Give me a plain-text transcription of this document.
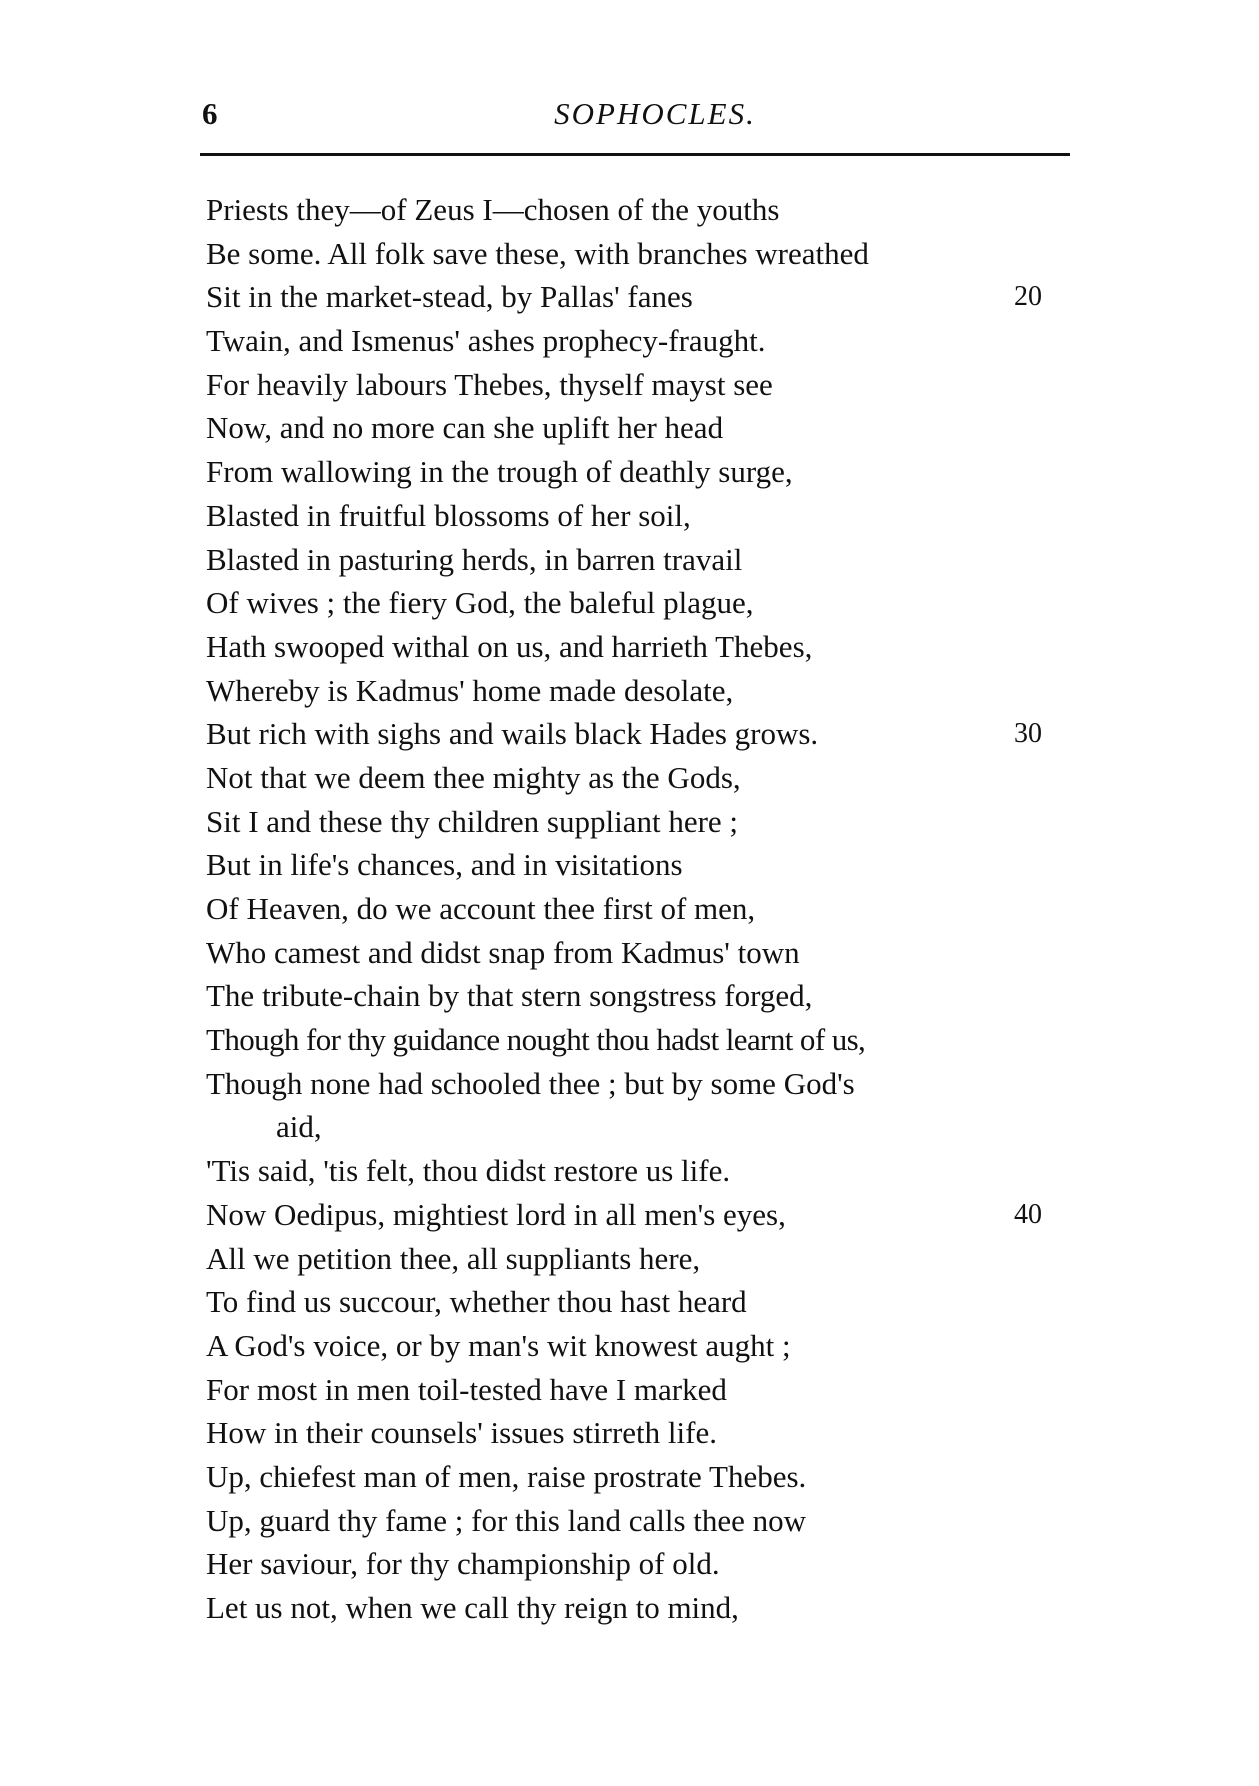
6	SOPHOCLES.
Priests they—of Zeus I—chosen of the youths
Be some. All folk save these, with branches wreathed
Sit in the market-stead, by Pallas' fanes	20
Twain, and Ismenus' ashes prophecy-fraught.
For heavily labours Thebes, thyself mayst see
Now, and no more can she uplift her head
From wallowing in the trough of deathly surge,
Blasted in fruitful blossoms of her soil,
Blasted in pasturing herds, in barren travail
Of wives ; the fiery God, the baleful plague,
Hath swooped withal on us, and harrieth Thebes,
Whereby is Kadmus' home made desolate,
But rich with sighs and wails black Hades grows.	30
Not that we deem thee mighty as the Gods,
Sit I and these thy children suppliant here ;
But in life's chances, and in visitations
Of Heaven, do we account thee first of men,
Who camest and didst snap from Kadmus' town
The tribute-chain by that stern songstress forged,
Though for thy guidance nought thou hadst learnt of us,
Though none had schooled thee ; but by some God's
aid,
'Tis said, 'tis felt, thou didst restore us life.
Now Oedipus, mightiest lord in all men's eyes,	40
All we petition thee, all suppliants here,
To find us succour, whether thou hast heard
A God's voice, or by man's wit knowest aught ;
For most in men toil-tested have I marked
How in their counsels' issues stirreth life.
Up, chiefest man of men, raise prostrate Thebes.
Up, guard thy fame ; for this land calls thee now
Her saviour, for thy championship of old.
Let us not, when we call thy reign to mind,
